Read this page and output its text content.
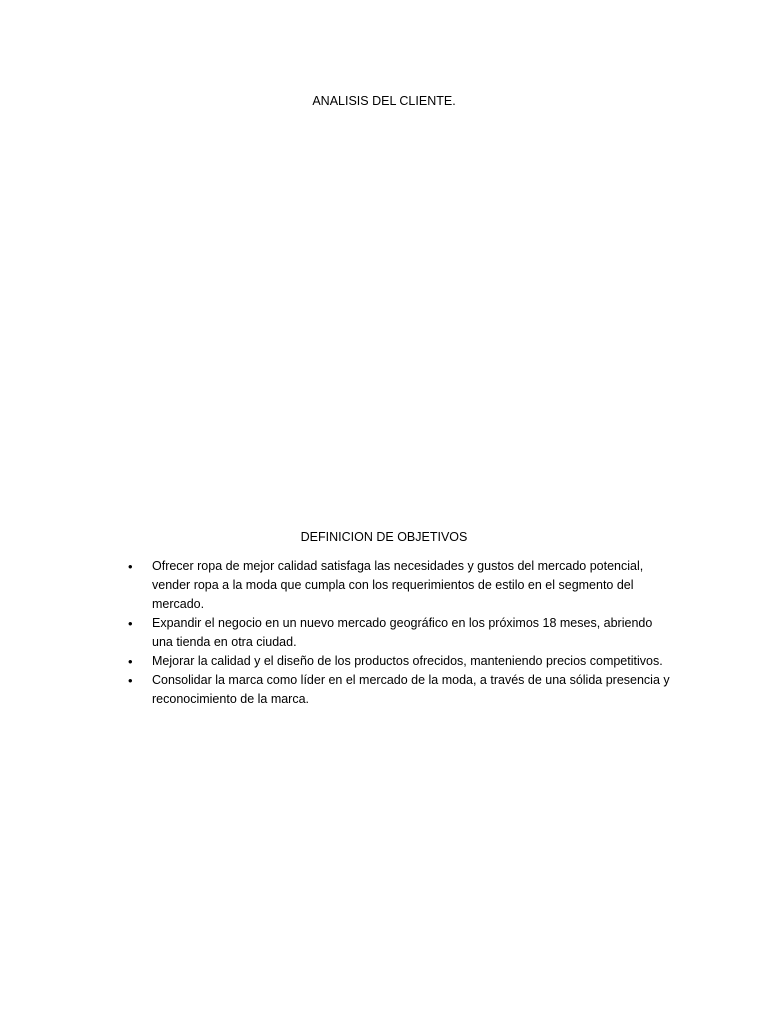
ANALISIS DEL CLIENTE.
DEFINICION DE OBJETIVOS
• Ofrecer ropa de mejor calidad satisfaga las necesidades y gustos del mercado potencial, vender ropa a la moda que cumpla con los requerimientos de estilo en el segmento del mercado.
• Expandir el negocio en un nuevo mercado geográfico en los próximos 18 meses, abriendo una tienda en otra ciudad.
• Mejorar la calidad y el diseño de los productos ofrecidos, manteniendo precios competitivos.
• Consolidar la marca como líder en el mercado de la moda, a través de una sólida presencia y reconocimiento de la marca.
